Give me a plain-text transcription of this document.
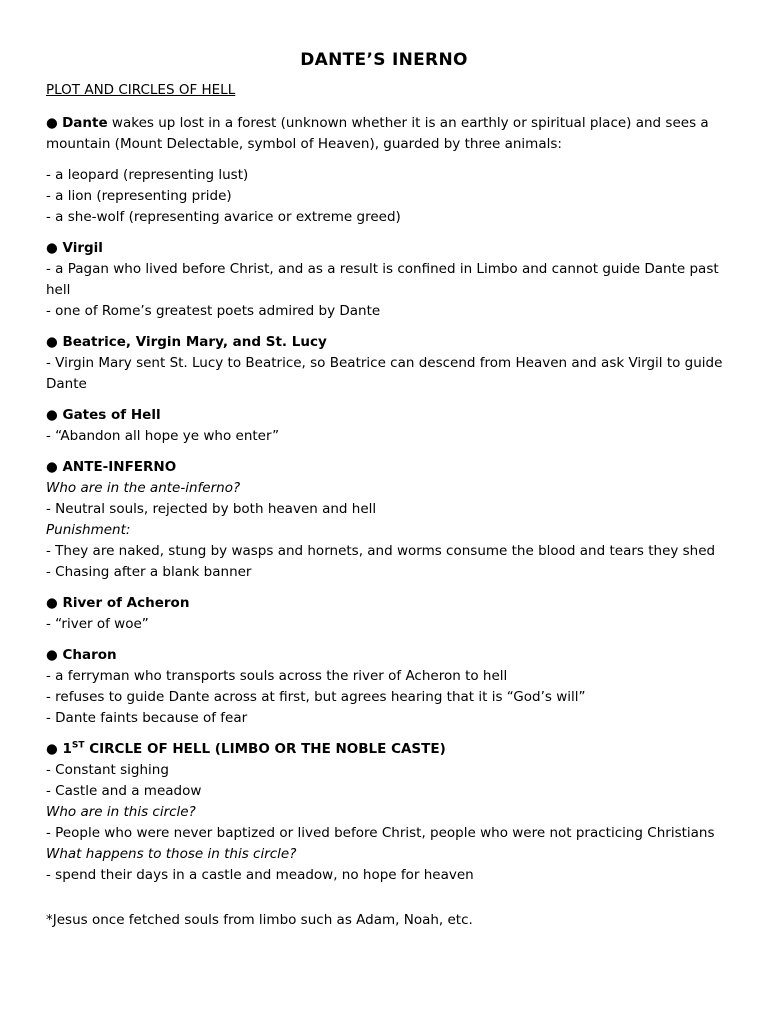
DANTE’S INERNO
PLOT AND CIRCLES OF HELL
● Dante wakes up lost in a forest (unknown whether it is an earthly or spiritual place) and sees a mountain (Mount Delectable, symbol of Heaven), guarded by three animals:
- a leopard (representing lust)
- a lion (representing pride)
- a she-wolf (representing avarice or extreme greed)
● Virgil
- a Pagan who lived before Christ, and as a result is confined in Limbo and cannot guide Dante past hell
- one of Rome’s greatest poets admired by Dante
● Beatrice, Virgin Mary, and St. Lucy
- Virgin Mary sent St. Lucy to Beatrice, so Beatrice can descend from Heaven and ask Virgil to guide Dante
● Gates of Hell
- “Abandon all hope ye who enter”
● ANTE-INFERNO
Who are in the ante-inferno?
- Neutral souls, rejected by both heaven and hell
Punishment:
- They are naked, stung by wasps and hornets, and worms consume the blood and tears they shed
- Chasing after a blank banner
● River of Acheron
- “river of woe”
● Charon
- a ferryman who transports souls across the river of Acheron to hell
- refuses to guide Dante across at first, but agrees hearing that it is “God’s will”
- Dante faints because of fear
● 1ST CIRCLE OF HELL (LIMBO OR THE NOBLE CASTE)
- Constant sighing
- Castle and a meadow
Who are in this circle?
- People who were never baptized or lived before Christ, people who were not practicing Christians
What happens to those in this circle?
- spend their days in a castle and meadow, no hope for heaven
*Jesus once fetched souls from limbo such as Adam, Noah, etc.
